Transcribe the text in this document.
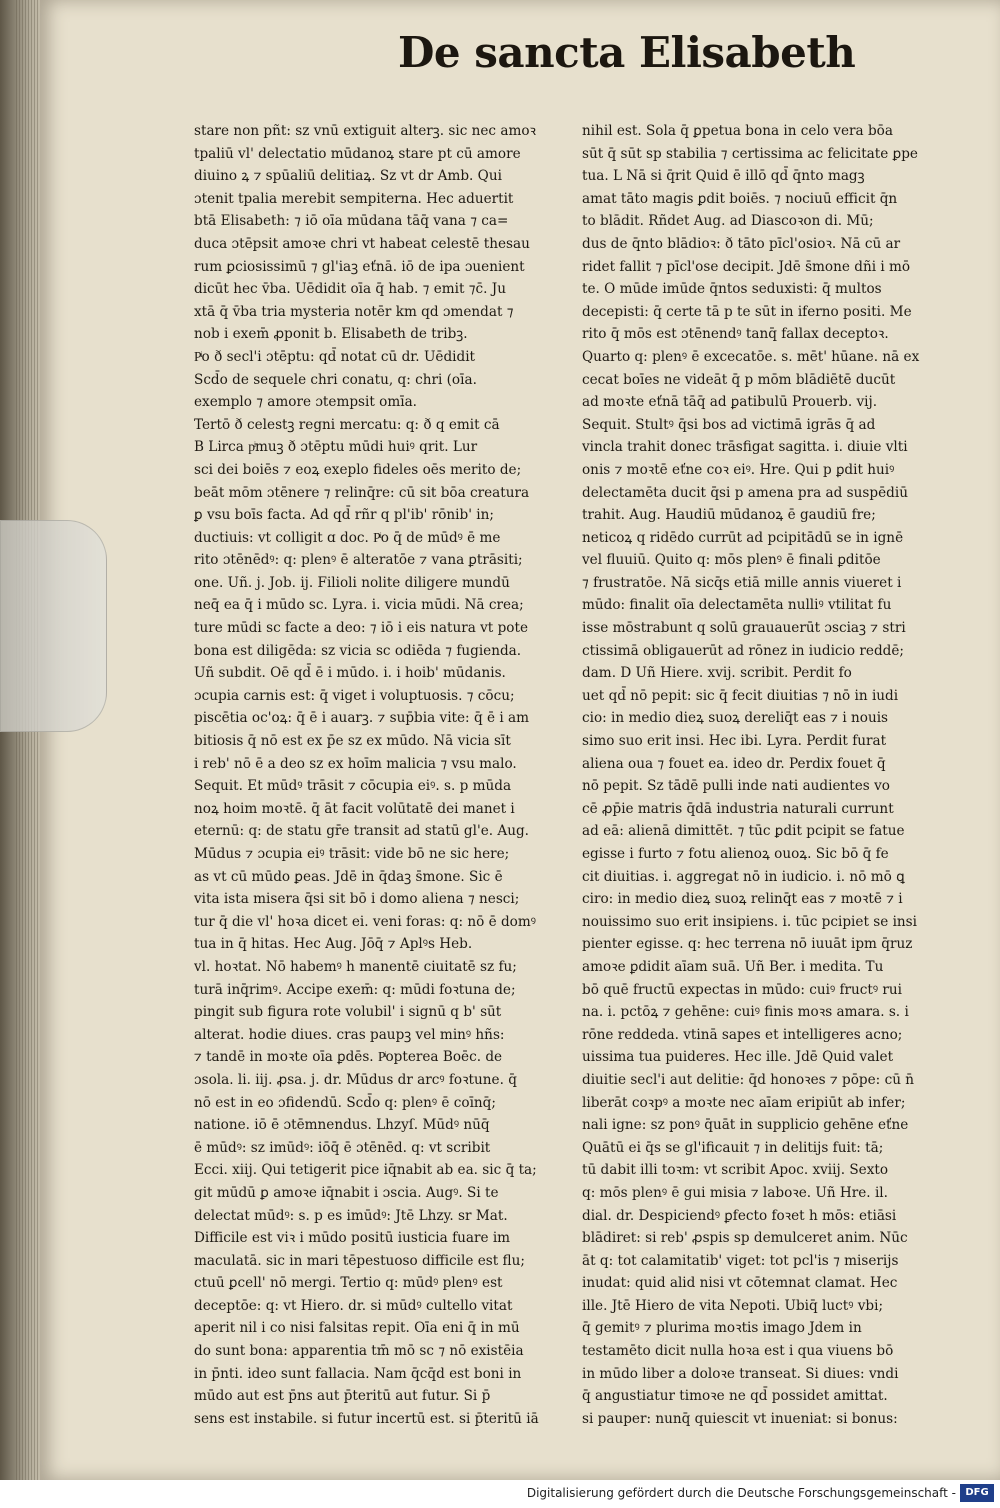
De sancta Elisabeth
stare non pñt: sz vnū extiguit alterꝫ. sic nec amoꝛ
tpaliū vl' delectatio mūdanoꝝ stare pt cū amore
diuino ꝝ ⁊ spūaliū delitiaꝝ. Sz vt dr Amb. Qui
ɔtenit tpalia merebit sempiterna. Hec aduertit
btā Elisabeth: ⁊ iō oīa mūdana tāq̄ vana ⁊ ca=
duca ɔtēpsit amoꝛe chri vt habeat celestē thesau
rum ꝑciosissimū ⁊ gl'iaꝫ eťnā. iō de ipa ɔuenient
dicūt hec v̄ba. Uēdidit oīa q̄ hab. ⁊ emit ⁊c̄. Ju
xtā q̄ v̄ba tria mysteria notēr km qd ɔmendat ⁊
nob i exem̄ ꝓponit b. Elisabeth de tribꝫ.
Pͥo ð secl'i ɔtēptu: qd̄ notat cū dr. Uēdidit
Scd̄o de sequele chri conatu, q: chri (oīa.
exemplo ⁊ amore ɔtempsit omīa.
Tertō ð celestꝫ regni mercatu: q: ð q emit cā
B Lirca pͥmuꝫ ð ɔtēptu mūdi huiꝰ qrit. Lur
sci dei boiēs ⁊ eoꝝ exeplo fideles oēs merito de;
beāt mōm ɔtēnere ⁊ relinq̄re: cū sit bōa creatura
ꝑ vsu boīs facta. Ad qd̄ rñr q pl'ib' rōnib' in;
ductiuis: vt colligit ɑ doc. Pͥo q̄ de mūdꝰ ē me
rito ɔtēnēdꝰ: q: plenꝰ ē alteratōe ⁊ vana ꝑtrāsiti;
one. Uñ. j. Job. ij. Filioli nolite diligere mundū
neq̄ ea q̄ i mūdo sc. Lyra. i. vicia mūdi. Nā crea;
ture mūdi sc facte a deo: ⁊ iō i eis natura vt pote
bona est diligēda: sz vicia sc odiēda ⁊ fugienda.
Uñ subdit. Oē qd̄ ē i mūdo. i. i hoib' mūdanis.
ɔcupia carnis est: q̄ viget i voluptuosis. ⁊ cōcu;
piscētia oc'oꝝ: q̄ ē i auarꝫ. ⁊ sup̄bia vite: q̄ ē i am
bitiosis q̄ nō est ex p̄e sz ex mūdo. Nā vicia sīt
i reb' nō ē a deo sz ex hoīm malicia ⁊ vsu malo.
Sequit. Et mūdꝰ trāsit ⁊ cōcupia eiꝰ. s. p mūda
noꝝ hoim moꝛtē. q̄ āt facit volūtatē dei manet i
eternū: q: de statu gr̄e transit ad statū gl'e. Aug.
Mūdus ⁊ ɔcupia eiꝰ trāsit: vide bō ne sic here;
as vt cū mūdo ꝑeas. Jdē in q̄daꝫ s̄mone. Sic ē
vita ista misera q̄si sit bō i domo aliena ⁊ nesci;
tur q̄ die vl' hoꝛa dicet ei. veni foras: q: nō ē domꝰ
tua in q̄ hitas. Hec Aug. Jōq̄ ⁊ Aplꝰs Heb.
vl. hoꝛtat. Nō habemꝰ h manentē ciuitatē sz fu;
turā inq̄rimꝰ. Accipe exem̄: q: mūdi foꝛtuna de;
pingit sub figura rote volubil' i signū q b' sūt
alterat. hodie diues. cras paupꝫ vel minꝰ hñs:
⁊ tandē in moꝛte oīa ꝑdēs. Pͥopterea Boēc. de
ɔsola. li. iij. ꝓsa. j. dr. Mūdus dr arcꝰ foꝛtune. q̄
nō est in eo ɔfidendū. Scd̄o q: plenꝰ ē coīnq̄;
natione. iō ē ɔtēmnendus. Lhzyſ. Mūdꝰ nūq̄
ē mūdꝰ: sz imūdꝰ: iōq̄ ē ɔtēnēd. q: vt scribit
Ecci. xiij. Qui tetigerit pice iq̄nabit ab ea. sic q̄ ta;
git mūdū ꝑ amoꝛe iq̄nabit i ɔscia. Augꝰ. Si te
delectat mūdꝰ: s. p es imūdꝰ: Jtē Lhzy. sr Mat.
Difficile est viꝛ i mūdo positū iusticia fuare im
maculatā. sic in mari tēpestuoso difficile est flu;
ctuū ꝑcell' nō mergi. Tertio q: mūdꝰ plenꝰ est
deceptōe: q: vt Hiero. dr. si mūdꝰ cultello vitat
aperit nil i co nisi falsitas repit. Oīa eni q̄ in mū
do sunt bona: apparentia tm̄ mō sc ⁊ nō existēia
in p̄nti. ideo sunt fallacia. Nam q̄cq̄d est boni in
mūdo aut est p̄ns aut p̄teritū aut futur. Si p̄
sens est instabile. si futur incertū est. si p̄teritū iā
nihil est. Sola q̄ ꝑpetua bona in celo vera bōa
sūt q̄ sūt sp stabilia ⁊ certissima ac felicitate ꝑpe
tua. L Nā si q̄rit Quid ē illō qd̄ q̄nto magꝫ
amat tāto magis ꝑdit boiēs. ⁊ nociuū efficit q̄n
to blādit. Rñdet Aug. ad Diascoꝛon di. Mū;
dus de q̄nto blādioꝛ: ð tāto pīcl'osioꝛ. Nā cū ar
ridet fallit ⁊ pīcl'ose decipit. Jdē s̄mone dñi i mō
te. O mūde imūde q̄ntos seduxisti: q̄ multos
decepisti: q̄ certe tā p te sūt in iferno positi. Me
rito q̄ mōs est ɔtēnendꝰ tanq̄ fallax deceptoꝛ.
Quarto q: plenꝰ ē excecatōe. s. mēt' hūane. nā ex
cecat boīes ne videāt q̄ p mōm blādiētē ducūt
ad moꝛte eťnā tāq̄ ad ꝑatibulū Prouerb. vij.
Sequit. Stultꝰ q̄si bos ad victimā igrās q̄ ad
vincla trahit donec trāsfigat sagitta. i. diuie vlti
onis ⁊ moꝛtē eťne coꝛ eiꝰ. Hre. Qui p ꝑdit huiꝰ
delectamēta ducit q̄si p amena pra ad suspēdiū
trahit. Aug. Haudiū mūdanoꝝ ē gaudiū fre;
neticoꝝ q ridēdo currūt ad pcipitādū se in ignē
vel fluuiū. Quito q: mōs plenꝰ ē finali ꝑditōe
⁊ frustratōe. Nā sicq̄s etiā mille annis viueret i
mūdo: finalit oīa delectamēta nulliꝰ vtilitat fu
isse mōstrabunt q solū grauauerūt ɔsciaꝫ ⁊ stri
ctissimā obligauerūt ad rōnez in iudicio reddē;
dam. D Uñ Hiere. xvij. scribit. Perdit fo
uet qd̄ nō pepit: sic q̄ fecit diuitias ⁊ nō in iudi
cio: in medio dieꝝ suoꝝ dereliq̄t eas ⁊ i nouis
simo suo erit insi. Hec ibi. Lyra. Perdit furat
aliena oua ⁊ fouet ea. ideo dr. Perdix fouet q̄
nō pepit. Sz tādē pulli inde nati audientes vo
cē ꝓp̄ie matris q̄dā industria naturali currunt
ad eā: alienā dimittēt. ⁊ tūc ꝑdit pcipit se fatue
egisse i furto ⁊ fotu alienoꝝ ouoꝝ. Sic bō q̄ fe
cit diuitias. i. aggregat nō in iudicio. i. nō mō ꝗ
ciro: in medio dieꝝ suoꝝ relinq̄t eas ⁊ moꝛtē ⁊ i
nouissimo suo erit insipiens. i. tūc pcipiet se insi
pienter egisse. q: hec terrena nō iuuāt ipm q̄ruz
amoꝛe ꝑdidit aīam suā. Uñ Ber. i medita. Tu
bō quē fructū expectas in mūdo: cuiꝰ fructꝰ rui
na. i. pctōꝝ ⁊ gehēne: cuiꝰ finis moꝛs amara. s. i
rōne reddeda. vtinā sapes et intelligeres acno;
uissima tua puideres. Hec ille. Jdē Quid valet
diuitie secl'i aut delitie: q̄d honoꝛes ⁊ pōpe: cū n̄
liberāt coꝛpꝰ a moꝛte nec aīam eripiūt ab infer;
nali igne: sz ponꝰ q̄uāt in supplicio gehēne eťne
Quātū ei q̄s se gl'ificauit ⁊ in delitijs fuit: tā;
tū dabit illi toꝛm: vt scribit Apoc. xviij. Sexto
q: mōs plenꝰ ē gui misia ⁊ laboꝛe. Uñ Hre. il.
dial. dr. Despiciendꝰ ꝑfecto foꝛet h mōs: etiāsi
blādiret: si reb' ꝓspis sp demulceret anim. Nūc
āt q: tot calamitatib' viget: tot pcl'is ⁊ miserijs
inudat: quid alid nisi vt cōtemnat clamat. Hec
ille. Jtē Hiero de vita Nepoti. Ubiq̄ luctꝰ vbi;
q̄ gemitꝰ ⁊ plurima moꝛtis imago Jdem in
testamēto dicit nulla hoꝛa est i qua viuens bō
in mūdo liber a doloꝛe transeat. Si diues: vndi
q̄ angustiatur timoꝛe ne qd̄ possidet amittat.
si pauper: nunq̄ quiescit vt inueniat: si bonus:
Digitalisierung gefördert durch die Deutsche Forschungsgemeinschaft - DFG
